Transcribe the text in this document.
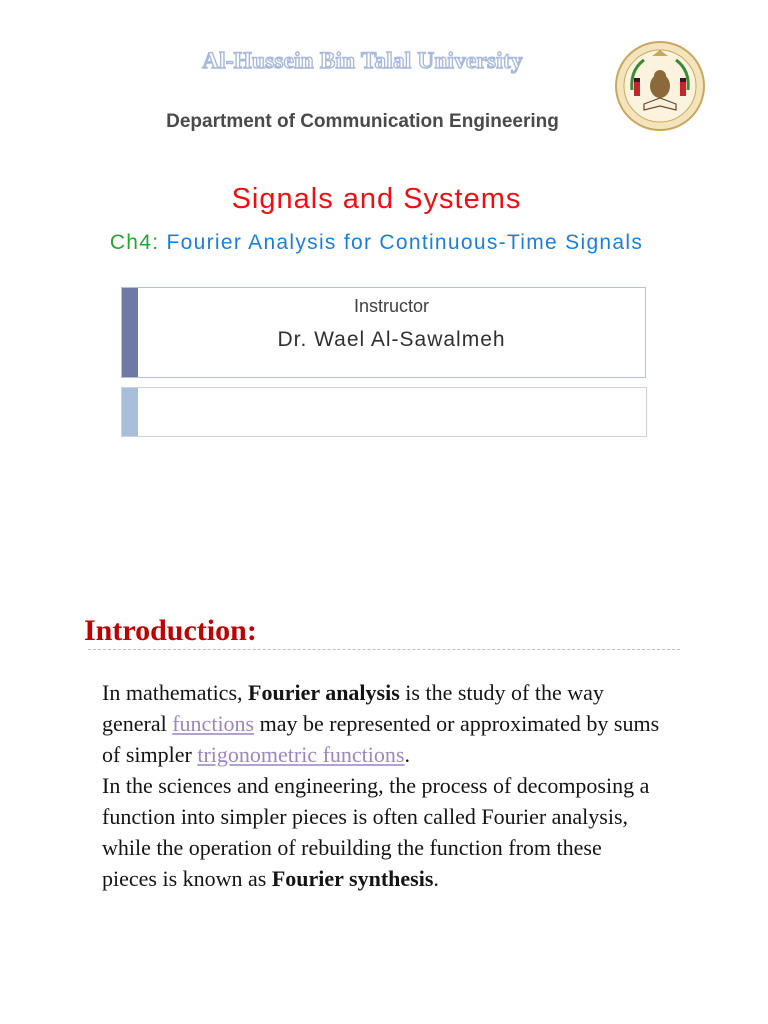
Al-Hussein Bin Talal University
Department of Communication Engineering
Signals and Systems
Ch4: Fourier Analysis for Continuous-Time Signals
Instructor
Dr. Wael Al-Sawalmeh
Introduction:

In mathematics, Fourier analysis is the study of the way general functions may be represented or approximated by sums of simpler trigonometric functions.

In the sciences and engineering, the process of decomposing a function into simpler pieces is often called Fourier analysis, while the operation of rebuilding the function from these pieces is known as Fourier synthesis.
